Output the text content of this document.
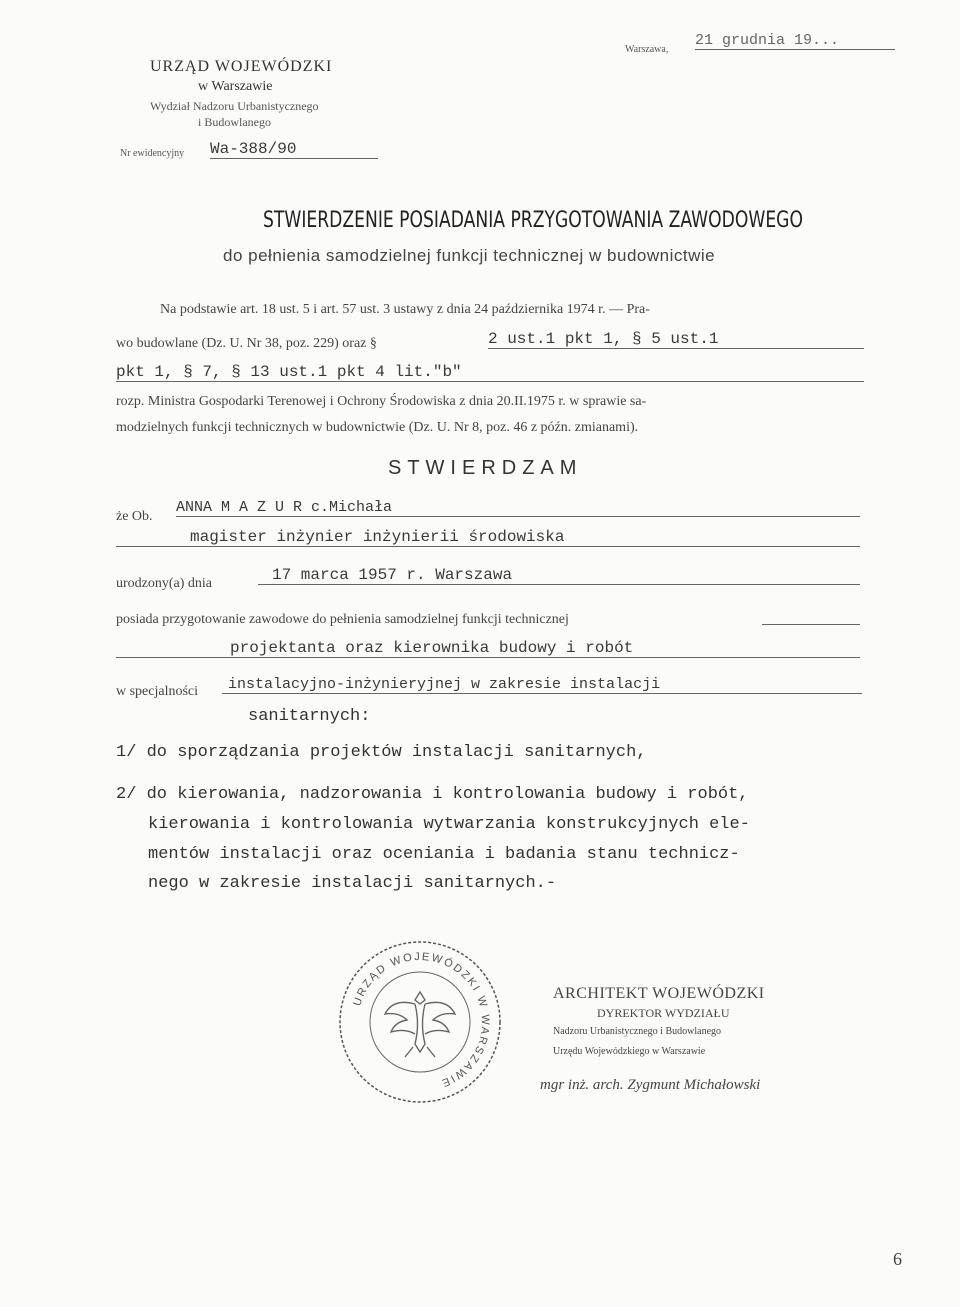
URZĄD WOJEWÓDZKI
w Warszawie
Wydział Nadzoru Urbanistycznego
i Budowlanego
Nr ewidencyjny Wa-388/90
Warszawa,
21 grudnia 19...
STWIERDZENIE POSIADANIA PRZYGOTOWANIA ZAWODOWEGO
do pełnienia samodzielnej funkcji technicznej w budownictwie
Na podstawie art. 18 ust. 5 i art. 57 ust. 3 ustawy z dnia 24 października 1974 r. — Pra-
wo budowlane (Dz. U. Nr 38, poz. 229) oraz §	2 ust.1 pkt 1, § 5 ust.1
pkt 1, § 7, § 13 ust.1 pkt 4 lit."b"
rozp. Ministra Gospodarki Terenowej i Ochrony Środowiska z dnia 20.II.1975 r. w sprawie sa-
modzielnych funkcji technicznych w budownictwie (Dz. U. Nr 8, poz. 46 z późn. zmianami).
STWIERDZAM
że Ob.
ANNA M A Z U R c.Michała
magister inżynier inżynierii środowiska
urodzony(a) dnia	17 marca 1957 r. Warszawa
posiada przygotowanie zawodowe do pełnienia samodzielnej funkcji technicznej
projektanta oraz kierownika budowy i robót
w specjalności	instalacyjno-inżynieryjnej w zakresie instalacji
sanitarnych:
1/ do sporządzania projektów instalacji sanitarnych,
2/ do kierowania, nadzorowania i kontrolowania budowy i robót,
kierowania i kontrolowania wytwarzania konstrukcyjnych ele-
mentów instalacji oraz oceniania i badania stanu technicz-
nego w zakresie instalacji sanitarnych.-
URZĄD WOJEWÓDZKI W WARSZAWIE
ARCHITEKT WOJEWÓDZKI
DYREKTOR WYDZIAŁU
Nadzoru Urbanistycznego i Budowlanego
Urzędu Wojewódzkiego w Warszawie
mgr inż. arch. Zygmunt Michałowski
6
